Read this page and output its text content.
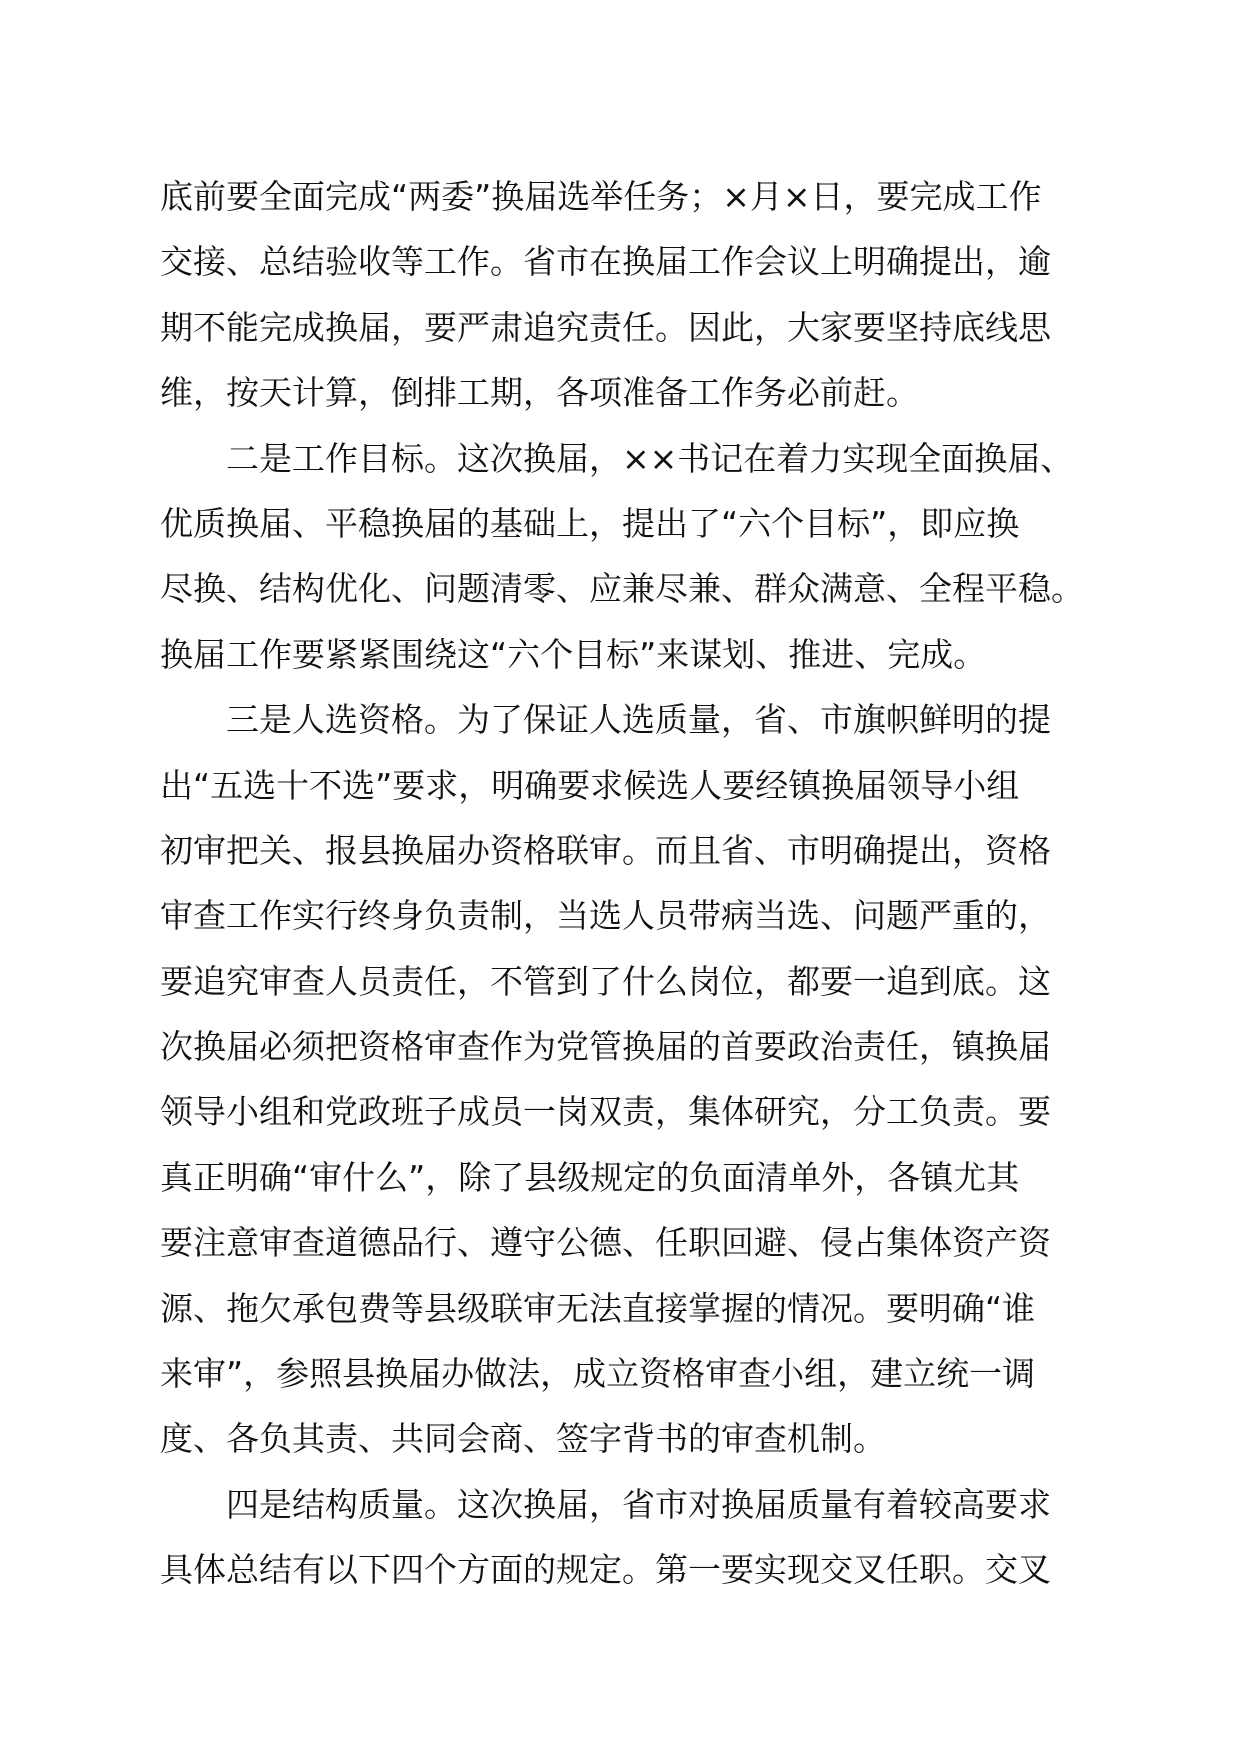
底前要全面完成“两委”换届选举任务；×月×日，要完成工作
交接、总结验收等工作。省市在换届工作会议上明确提出，逾
期不能完成换届，要严肃追究责任。因此，大家要坚持底线思
维，按天计算，倒排工期，各项准备工作务必前赶。
二是工作目标。这次换届，××书记在着力实现全面换届、
优质换届、平稳换届的基础上，提出了“六个目标”，即应换
尽换、结构优化、问题清零、应兼尽兼、群众满意、全程平稳。
换届工作要紧紧围绕这“六个目标”来谋划、推进、完成。
三是人选资格。为了保证人选质量，省、市旗帜鲜明的提
出“五选十不选”要求，明确要求候选人要经镇换届领导小组
初审把关、报县换届办资格联审。而且省、市明确提出，资格
审查工作实行终身负责制，当选人员带病当选、问题严重的，
要追究审查人员责任，不管到了什么岗位，都要一追到底。这
次换届必须把资格审查作为党管换届的首要政治责任，镇换届
领导小组和党政班子成员一岗双责，集体研究，分工负责。要
真正明确“审什么”，除了县级规定的负面清单外，各镇尤其
要注意审查道德品行、遵守公德、任职回避、侵占集体资产资
源、拖欠承包费等县级联审无法直接掌握的情况。要明确“谁
来审”，参照县换届办做法，成立资格审查小组，建立统一调
度、各负其责、共同会商、签字背书的审查机制。
四是结构质量。这次换届，省市对换届质量有着较高要求
具体总结有以下四个方面的规定。第一要实现交叉任职。交叉
